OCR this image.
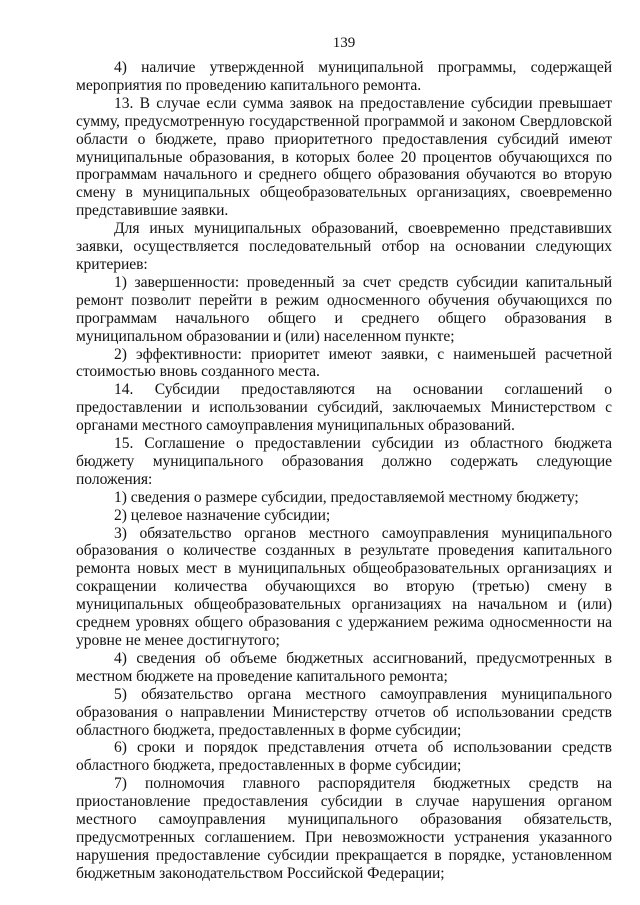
139

4) наличие утвержденной муниципальной программы, содержащей мероприятия по проведению капитального ремонта.

13. В случае если сумма заявок на предоставление субсидии превышает сумму, предусмотренную государственной программой и законом Свердловской области о бюджете, право приоритетного предоставления субсидий имеют муниципальные образования, в которых более 20 процентов обучающихся по программам начального и среднего общего образования обучаются во вторую смену в муниципальных общеобразовательных организациях, своевременно представившие заявки.

Для иных муниципальных образований, своевременно представивших заявки, осуществляется последовательный отбор на основании следующих критериев:

1) завершенности: проведенный за счет средств субсидии капитальный ремонт позволит перейти в режим односменного обучения обучающихся по программам начального общего и среднего общего образования в муниципальном образовании и (или) населенном пункте;

2) эффективности: приоритет имеют заявки, с наименьшей расчетной стоимостью вновь созданного места.

14. Субсидии предоставляются на основании соглашений о предоставлении и использовании субсидий, заключаемых Министерством с органами местного самоуправления муниципальных образований.

15. Соглашение о предоставлении субсидии из областного бюджета бюджету муниципального образования должно содержать следующие положения:

1) сведения о размере субсидии, предоставляемой местному бюджету;

2) целевое назначение субсидии;

3) обязательство органов местного самоуправления муниципального образования о количестве созданных в результате проведения капитального ремонта новых мест в муниципальных общеобразовательных организациях и сокращении количества обучающихся во вторую (третью) смену в муниципальных общеобразовательных организациях на начальном и (или) среднем уровнях общего образования с удержанием режима односменности на уровне не менее достигнутого;

4) сведения об объеме бюджетных ассигнований, предусмотренных в местном бюджете на проведение капитального ремонта;

5) обязательство органа местного самоуправления муниципального образования о направлении Министерству отчетов об использовании средств областного бюджета, предоставленных в форме субсидии;

6) сроки и порядок представления отчета об использовании средств областного бюджета, предоставленных в форме субсидии;

7) полномочия главного распорядителя бюджетных средств на приостановление предоставления субсидии в случае нарушения органом местного самоуправления муниципального образования обязательств, предусмотренных соглашением. При невозможности устранения указанного нарушения предоставление субсидии прекращается в порядке, установленном бюджетным законодательством Российской Федерации;
